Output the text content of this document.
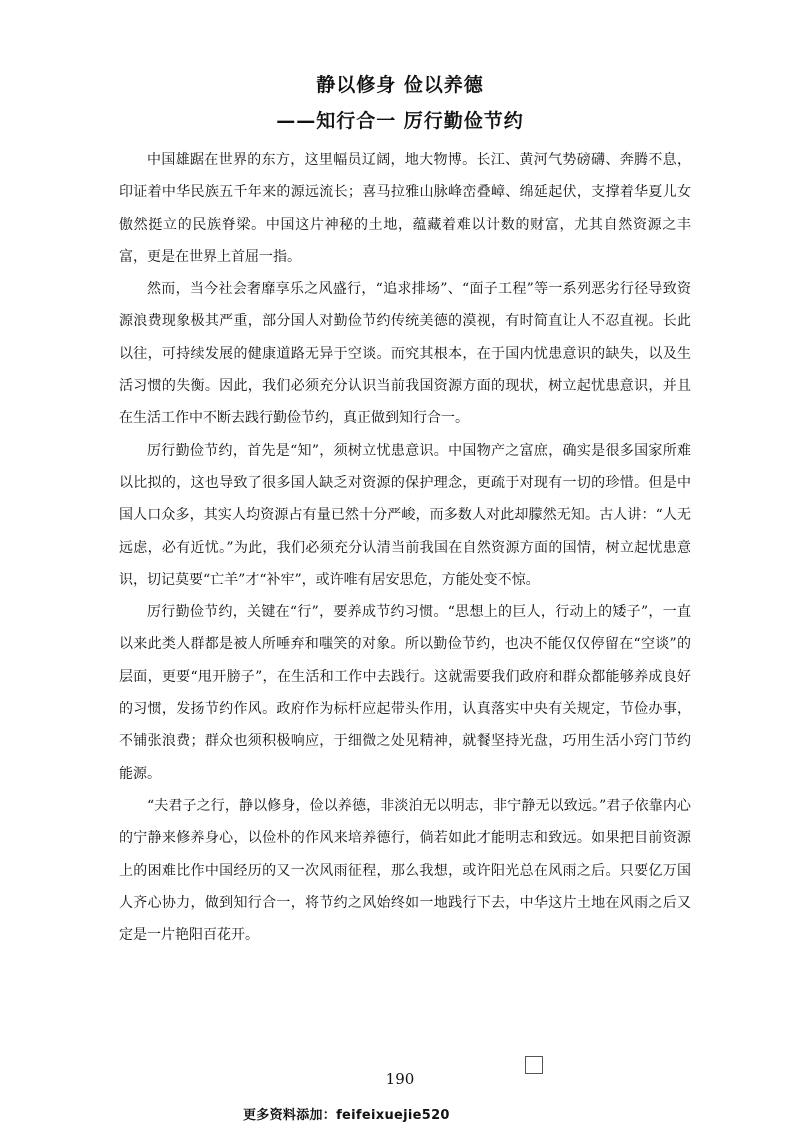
静以修身 俭以养德
——知行合一 厉行勤俭节约

中国雄踞在世界的东方，这里幅员辽阔，地大物博。长江、黄河气势磅礴、奔腾不息，印证着中华民族五千年来的源远流长；喜马拉雅山脉峰峦叠嶂、绵延起伏，支撑着华夏儿女傲然挺立的民族脊梁。中国这片神秘的土地，蕴藏着难以计数的财富，尤其自然资源之丰富，更是在世界上首屈一指。

然而，当今社会奢靡享乐之风盛行，“追求排场”、“面子工程”等一系列恶劣行径导致资源浪费现象极其严重，部分国人对勤俭节约传统美德的漠视，有时简直让人不忍直视。长此以往，可持续发展的健康道路无异于空谈。而究其根本，在于国内忧患意识的缺失，以及生活习惯的失衡。因此，我们必须充分认识当前我国资源方面的现状，树立起忧患意识，并且在生活工作中不断去践行勤俭节约，真正做到知行合一。

厉行勤俭节约，首先是“知”，须树立忧患意识。中国物产之富庶，确实是很多国家所难以比拟的，这也导致了很多国人缺乏对资源的保护理念，更疏于对现有一切的珍惜。但是中国人口众多，其实人均资源占有量已然十分严峻，而多数人对此却朦然无知。古人讲：“人无远虑，必有近忧。”为此，我们必须充分认清当前我国在自然资源方面的国情，树立起忧患意识，切记莫要“亡羊”才“补牢”，或许唯有居安思危，方能处变不惊。

厉行勤俭节约，关键在“行”，要养成节约习惯。“思想上的巨人，行动上的矮子”，一直以来此类人群都是被人所唾弃和嗤笑的对象。所以勤俭节约，也决不能仅仅停留在“空谈”的层面，更要“甩开膀子”，在生活和工作中去践行。这就需要我们政府和群众都能够养成良好的习惯，发扬节约作风。政府作为标杆应起带头作用，认真落实中央有关规定，节俭办事，不铺张浪费；群众也须积极响应，于细微之处见精神，就餐坚持光盘，巧用生活小窍门节约能源。

“夫君子之行，静以修身，俭以养德，非淡泊无以明志，非宁静无以致远。”君子依靠内心的宁静来修养身心，以俭朴的作风来培养德行，倘若如此才能明志和致远。如果把目前资源上的困难比作中国经历的又一次风雨征程，那么我想，或许阳光总在风雨之后。只要亿万国人齐心协力，做到知行合一，将节约之风始终如一地践行下去，中华这片土地在风雨之后又定是一片艳阳百花开。

190
更多资料添加：feifeixuejie520
